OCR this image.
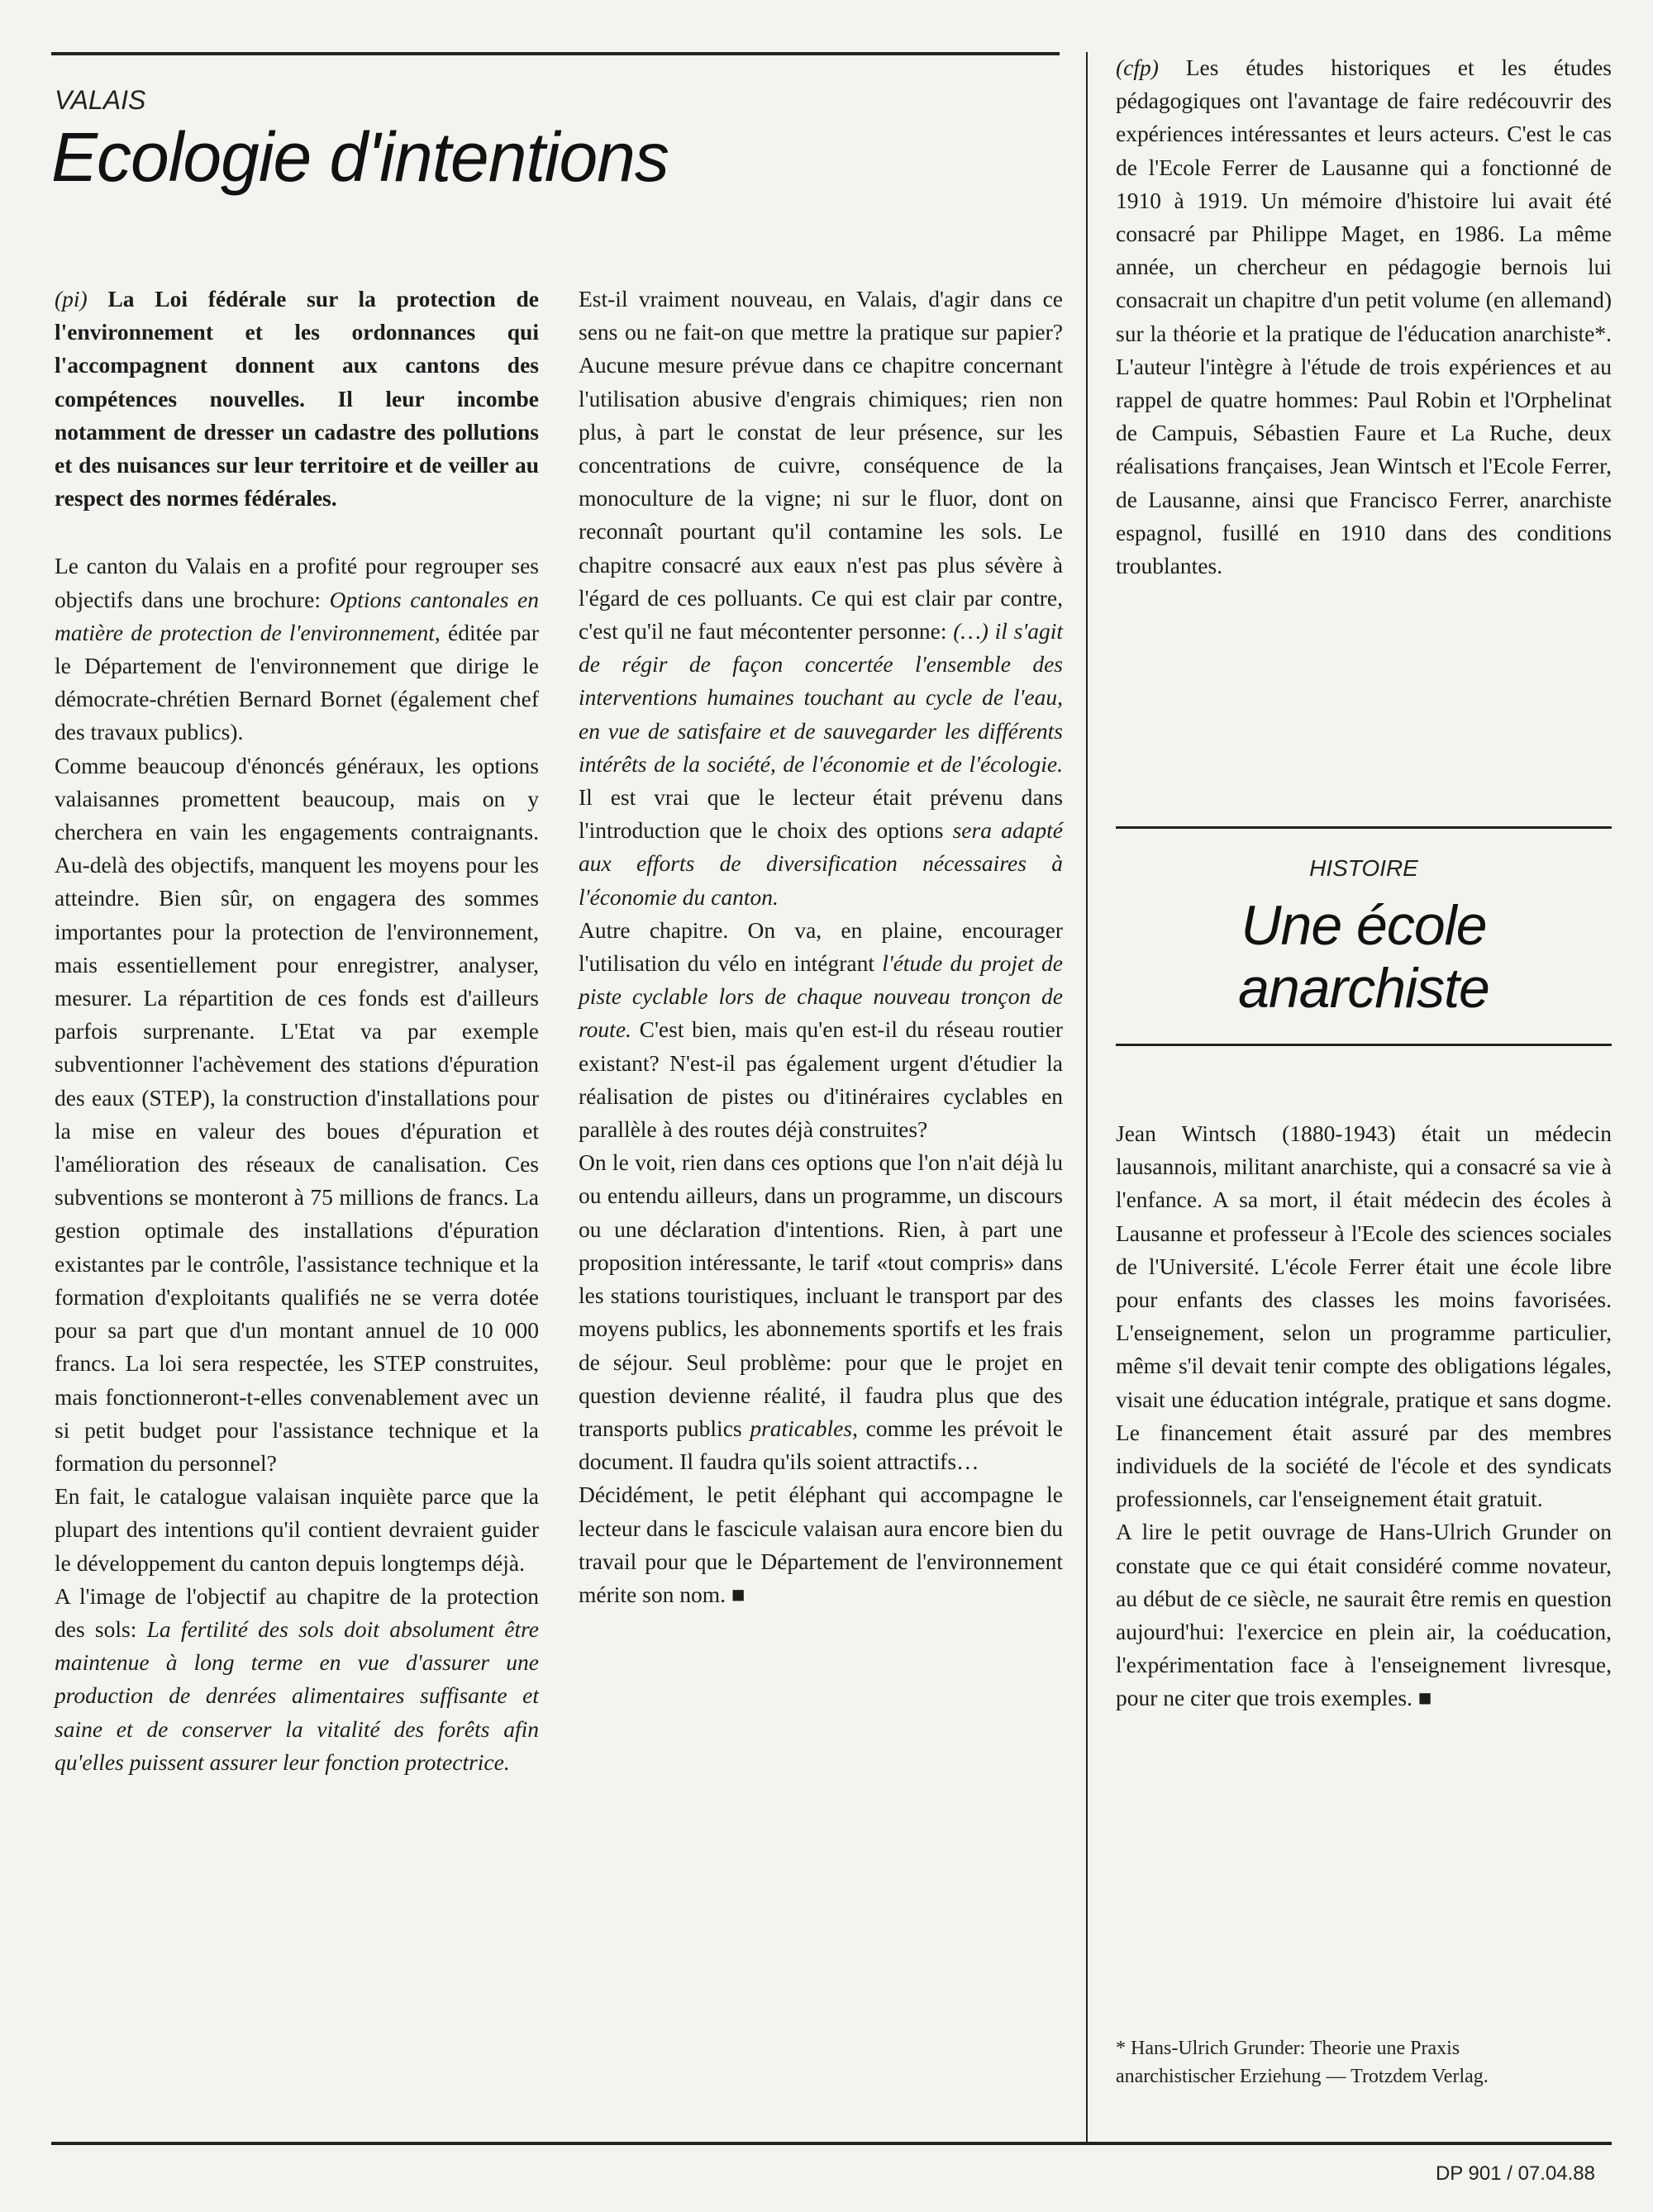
VALAIS
Ecologie d'intentions

(pi) La Loi fédérale sur la protection de l'environnement et les ordonnances qui l'accompagnent donnent aux cantons des compétences nouvelles. Il leur incombe notamment de dresser un cadastre des pollutions et des nuisances sur leur territoire et de veiller au respect des normes fédérales.

Le canton du Valais en a profité pour regrouper ses objectifs dans une brochure: Options cantonales en matière de protection de l'environnement, éditée par le Département de l'environnement que dirige le démocrate-chrétien Bernard Bornet (également chef des travaux publics).

Comme beaucoup d'énoncés généraux, les options valaisannes promettent beaucoup, mais on y cherchera en vain les engagements contraignants. Au-delà des objectifs, manquent les moyens pour les atteindre. Bien sûr, on engagera des sommes importantes pour la protection de l'environnement, mais essentiellement pour enregistrer, analyser, mesurer. La répartition de ces fonds est d'ailleurs parfois surprenante. L'Etat va par exemple subventionner l'achèvement des stations d'épuration des eaux (STEP), la construction d'installations pour la mise en valeur des boues d'épuration et l'amélioration des réseaux de canalisation. Ces subventions se monteront à 75 millions de francs. La gestion optimale des installations d'épuration existantes par le contrôle, l'assistance technique et la formation d'exploitants qualifiés ne se verra dotée pour sa part que d'un montant annuel de 10 000 francs. La loi sera respectée, les STEP construites, mais fonctionneront-t-elles convenablement avec un si petit budget pour l'assistance technique et la formation du personnel?

En fait, le catalogue valaisan inquiète parce que la plupart des intentions qu'il contient devraient guider le développement du canton depuis longtemps déjà.

A l'image de l'objectif au chapitre de la protection des sols: La fertilité des sols doit absolument être maintenue à long terme en vue d'assurer une production de denrées alimentaires suffisante et saine et de conserver la vitalité des forêts afin qu'elles puissent assurer leur fonction protectrice.

Est-il vraiment nouveau, en Valais, d'agir dans ce sens ou ne fait-on que mettre la pratique sur papier? Aucune mesure prévue dans ce chapitre concernant l'utilisation abusive d'engrais chimiques; rien non plus, à part le constat de leur présence, sur les concentrations de cuivre, conséquence de la monoculture de la vigne; ni sur le fluor, dont on reconnaît pourtant qu'il contamine les sols. Le chapitre consacré aux eaux n'est pas plus sévère à l'égard de ces polluants. Ce qui est clair par contre, c'est qu'il ne faut mécontenter personne: (…) il s'agit de régir de façon concertée l'ensemble des interventions humaines touchant au cycle de l'eau, en vue de satisfaire et de sauvegarder les différents intérêts de la société, de l'économie et de l'écologie. Il est vrai que le lecteur était prévenu dans l'introduction que le choix des options sera adapté aux efforts de diversification nécessaires à l'économie du canton.

Autre chapitre. On va, en plaine, encourager l'utilisation du vélo en intégrant l'étude du projet de piste cyclable lors de chaque nouveau tronçon de route. C'est bien, mais qu'en est-il du réseau routier existant? N'est-il pas également urgent d'étudier la réalisation de pistes ou d'itinéraires cyclables en parallèle à des routes déjà construites?

On le voit, rien dans ces options que l'on n'ait déjà lu ou entendu ailleurs, dans un programme, un discours ou une déclaration d'intentions. Rien, à part une proposition intéressante, le tarif «tout compris» dans les stations touristiques, incluant le transport par des moyens publics, les abonnements sportifs et les frais de séjour. Seul problème: pour que le projet en question devienne réalité, il faudra plus que des transports publics praticables, comme les prévoit le document. Il faudra qu'ils soient attractifs…

Décidément, le petit éléphant qui accompagne le lecteur dans le fascicule valaisan aura encore bien du travail pour que le Département de l'environnement mérite son nom. ■

(cfp) Les études historiques et les études pédagogiques ont l'avantage de faire redécouvrir des expériences intéressantes et leurs acteurs. C'est le cas de l'Ecole Ferrer de Lausanne qui a fonctionné de 1910 à 1919. Un mémoire d'histoire lui avait été consacré par Philippe Maget, en 1986. La même année, un chercheur en pédagogie bernois lui consacrait un chapitre d'un petit volume (en allemand) sur la théorie et la pratique de l'éducation anarchiste*. L'auteur l'intègre à l'étude de trois expériences et au rappel de quatre hommes: Paul Robin et l'Orphelinat de Campuis, Sébastien Faure et La Ruche, deux réalisations françaises, Jean Wintsch et l'Ecole Ferrer, de Lausanne, ainsi que Francisco Ferrer, anarchiste espagnol, fusillé en 1910 dans des conditions troublantes.

HISTOIRE
Une école
anarchiste

Jean Wintsch (1880-1943) était un médecin lausannois, militant anarchiste, qui a consacré sa vie à l'enfance. A sa mort, il était médecin des écoles à Lausanne et professeur à l'Ecole des sciences sociales de l'Université. L'école Ferrer était une école libre pour enfants des classes les moins favorisées. L'enseignement, selon un programme particulier, même s'il devait tenir compte des obligations légales, visait une éducation intégrale, pratique et sans dogme. Le financement était assuré par des membres individuels de la société de l'école et des syndicats professionnels, car l'enseignement était gratuit.

A lire le petit ouvrage de Hans-Ulrich Grunder on constate que ce qui était considéré comme novateur, au début de ce siècle, ne saurait être remis en question aujourd'hui: l'exercice en plein air, la coéducation, l'expérimentation face à l'enseignement livresque, pour ne citer que trois exemples. ■

* Hans-Ulrich Grunder: Theorie une Praxis anarchistischer Erziehung — Trotzdem Verlag.
DP 901 / 07.04.88
